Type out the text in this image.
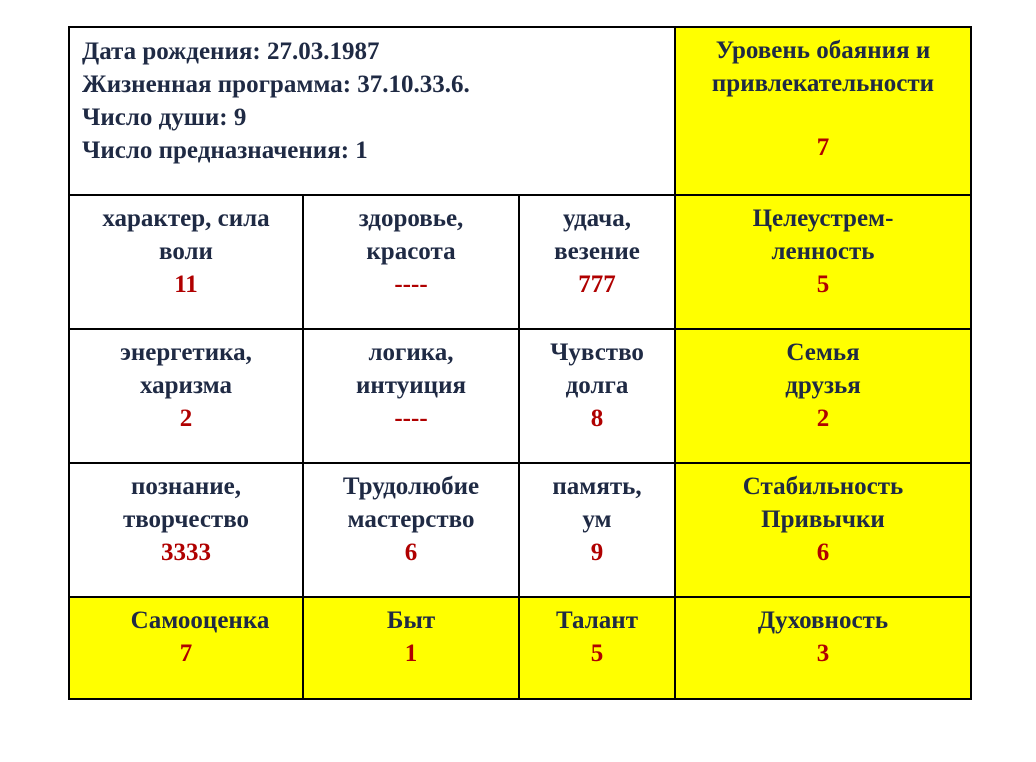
Дата рождения: 27.03.1987
Жизненная программа: 37.10.33.6.
Число души: 9
Число предназначения: 1
Уровень обаяния и
привлекательности
7
характер, сила
воли
11
здоровье,
красота
----
удача,
везение
777
Целеустрем-
ленность
5
энергетика,
харизма
2
логика,
интуиция
----
Чувство
долга
8
Семья
друзья
2
познание,
творчество
3333
Трудолюбие
мастерство
6
память,
ум
9
Стабильность
Привычки
6
Самооценка
7
Быт
1
Талант
5
Духовность
3
